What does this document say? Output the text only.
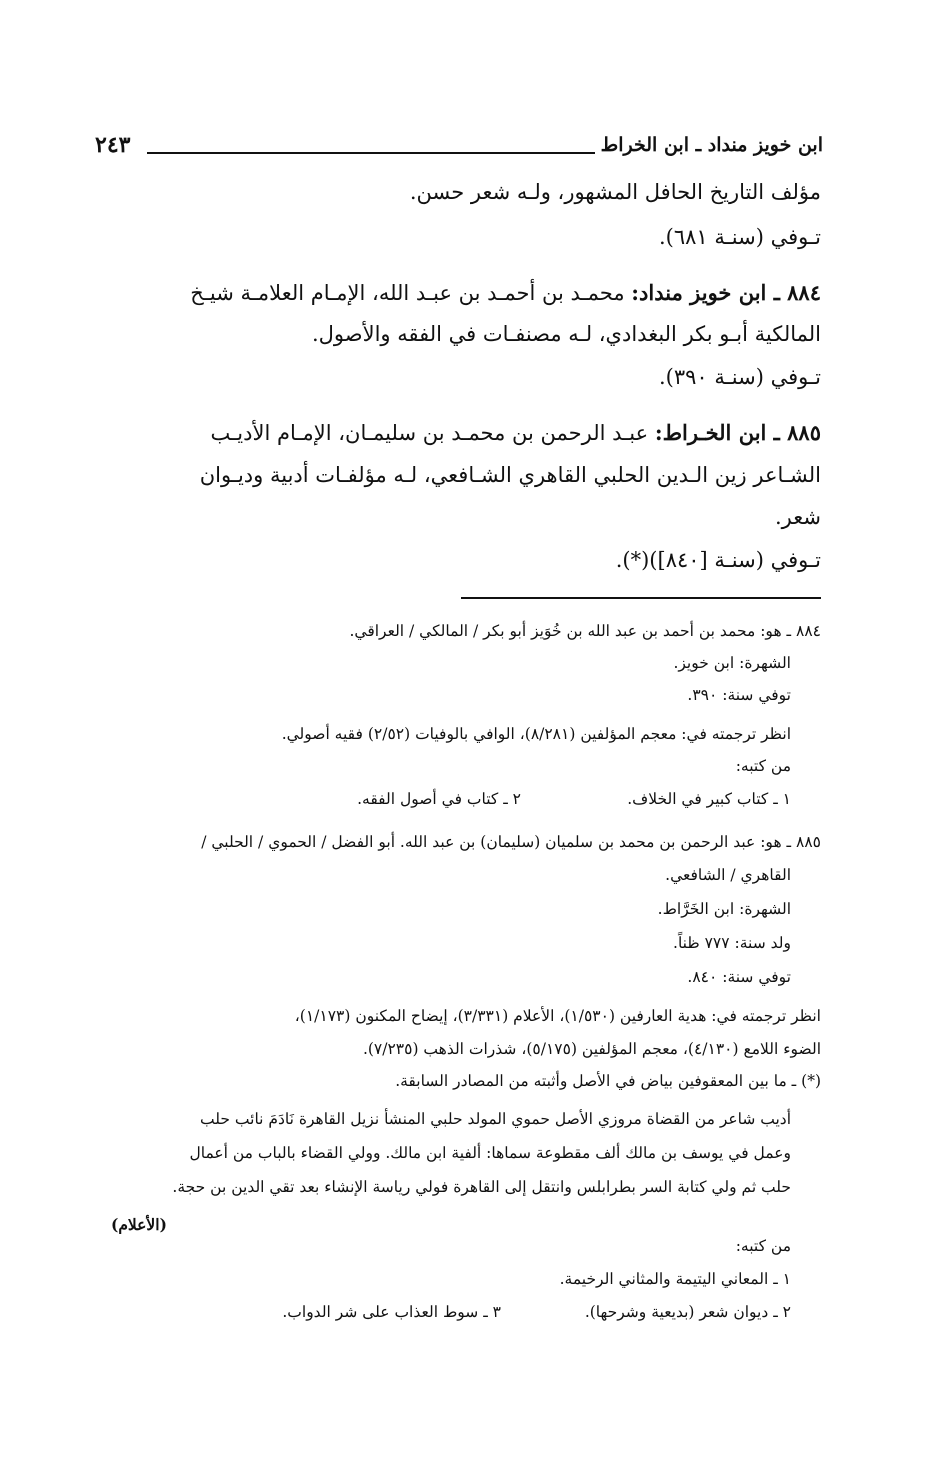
ابن خويز منداد ـ ابن الخراط
٢٤٣
مؤلف التاريخ الحافل المشهور، ولـه شعر حسن.
تـوفي (سنـة ٦٨١).
٨٨٤ ـ ابن خويز منداد: محمـد بن أحمـد بن عبـد الله، الإمـام العلامـة شيـخ
المالكية أبـو بكر البغدادي، لـه مصنفـات في الفقه والأصول.
تـوفي (سنـة ٣٩٠).
٨٨٥ ـ ابن الخـراط: عبـد الرحمن بن محمـد بن سليمـان، الإمـام الأديـب
الشـاعر زين الـدين الحلبي القاهري الشـافعي، لـه مؤلفـات أدبية وديـوان
شعر.
تـوفي (سنـة [٨٤٠])(*).
٨٨٤ ـ هو: محمد بن أحمد بن عبد الله بن خُوَيز أبو بكر / المالكي / العراقي.
الشهرة: ابن خويز.
توفي سنة: ٣٩٠.
انظر ترجمته في: معجم المؤلفين (٨/٢٨١)، الوافي بالوفيات (٢/٥٢) فقيه أصولي.
من كتبه:
١ ـ كتاب كبير في الخلاف.
٢ ـ كتاب في أصول الفقه.
٨٨٥ ـ هو: عبد الرحمن بن محمد بن سلميان (سليمان) بن عبد الله. أبو الفضل / الحموي / الحلبي /
القاهري / الشافعي.
الشهرة: ابن الخَرَّاط.
ولد سنة: ٧٧٧ ظناً.
توفي سنة: ٨٤٠.
انظر ترجمته في: هدية العارفين (١/٥٣٠)، الأعلام (٣/٣٣١)، إيضاح المكنون (١/١٧٣)،
الضوء اللامع (٤/١٣٠)، معجم المؤلفين (٥/١٧٥)، شذرات الذهب (٧/٢٣٥).
(*) ـ ما بين المعقوفين بياض في الأصل وأثبته من المصادر السابقة.
أديب شاعر من القضاة مروزي الأصل حموي المولد حلبي المنشأ نزيل القاهرة نَادَمَ نائب حلب
وعمل في يوسف بن مالك ألف مقطوعة سماها: ألفية ابن مالك. وولي القضاء بالباب من أعمال
حلب ثم ولي كتابة السر بطرابلس وانتقل إلى القاهرة فولي رياسة الإنشاء بعد تقي الدين بن حجة.
(الأعلام)
من كتبه:
١ ـ المعاني اليتيمة والمثاني الرخيمة.
٢ ـ ديوان شعر (بديعية وشرحها).
٣ ـ سوط العذاب على شر الدواب.
